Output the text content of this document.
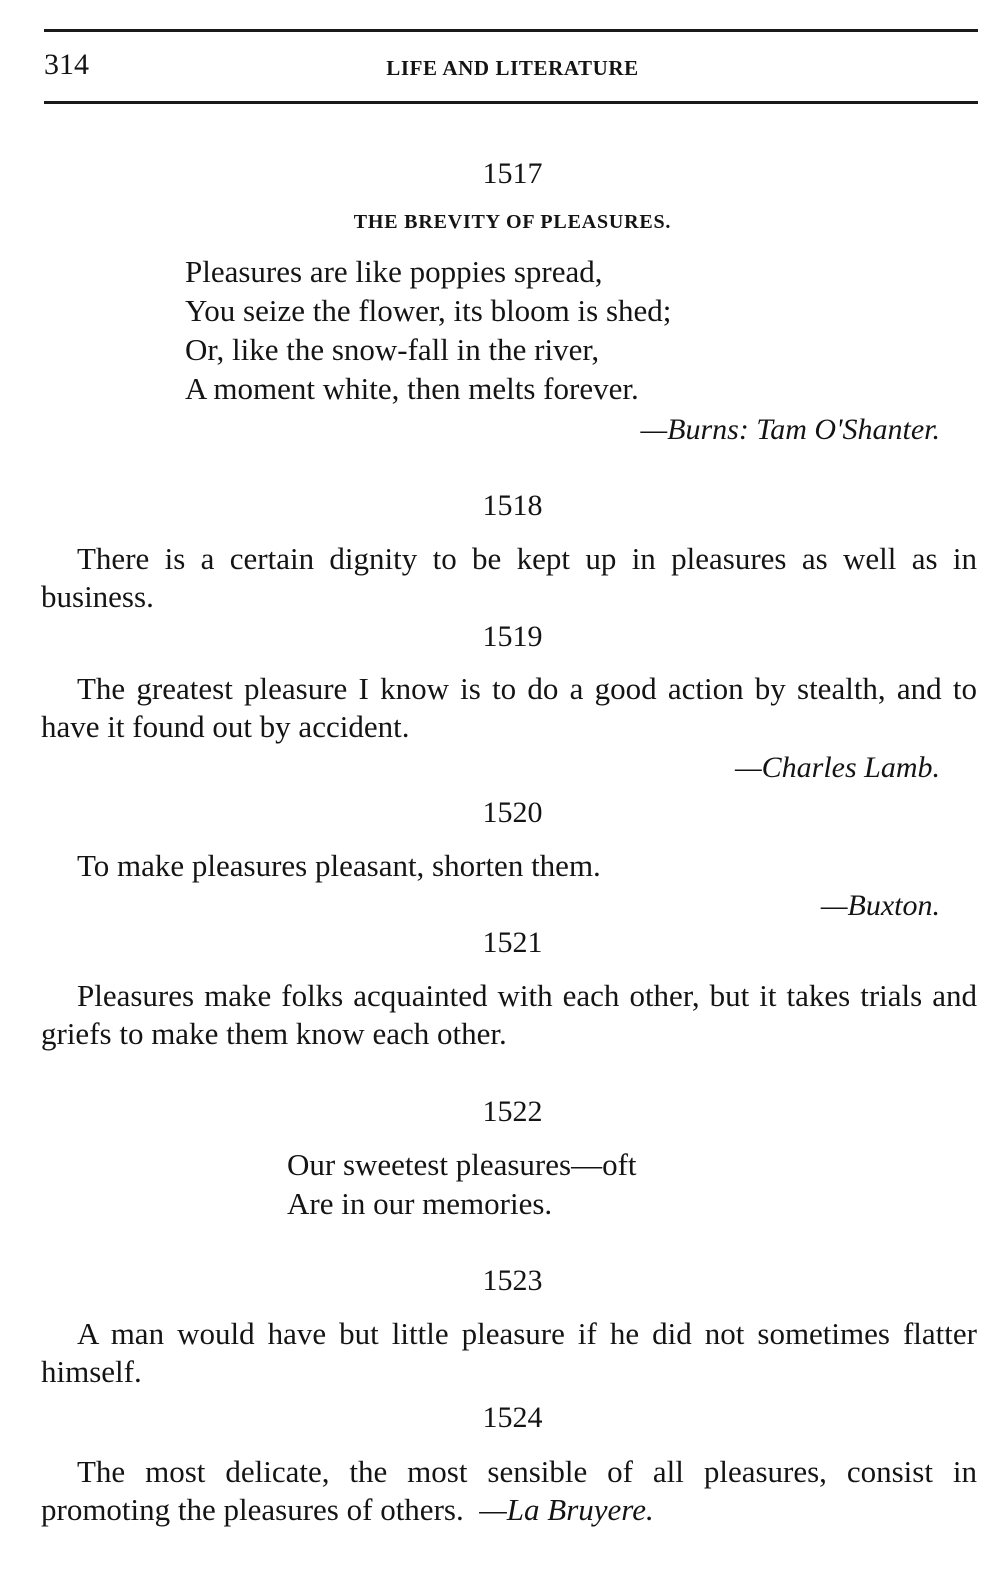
314	LIFE AND LITERATURE
1517
THE BREVITY OF PLEASURES.
Pleasures are like poppies spread,
You seize the flower, its bloom is shed;
Or, like the snow-fall in the river,
A moment white, then melts forever.
—Burns: Tam O'Shanter.
1518

There is a certain dignity to be kept up in pleasures as well as in business.

1519

The greatest pleasure I know is to do a good action by stealth, and to have it found out by accident.

—Charles Lamb.
1520

To make pleasures pleasant, shorten them.

—Buxton.
1521

Pleasures make folks acquainted with each other, but it takes trials and griefs to make them know each other.

1522
Our sweetest pleasures—oft
Are in our memories.
1523

A man would have but little pleasure if he did not sometimes flatter himself.

1524

The most delicate, the most sensible of all pleasures, consist in promoting the pleasures of others. —La Bruyere.
